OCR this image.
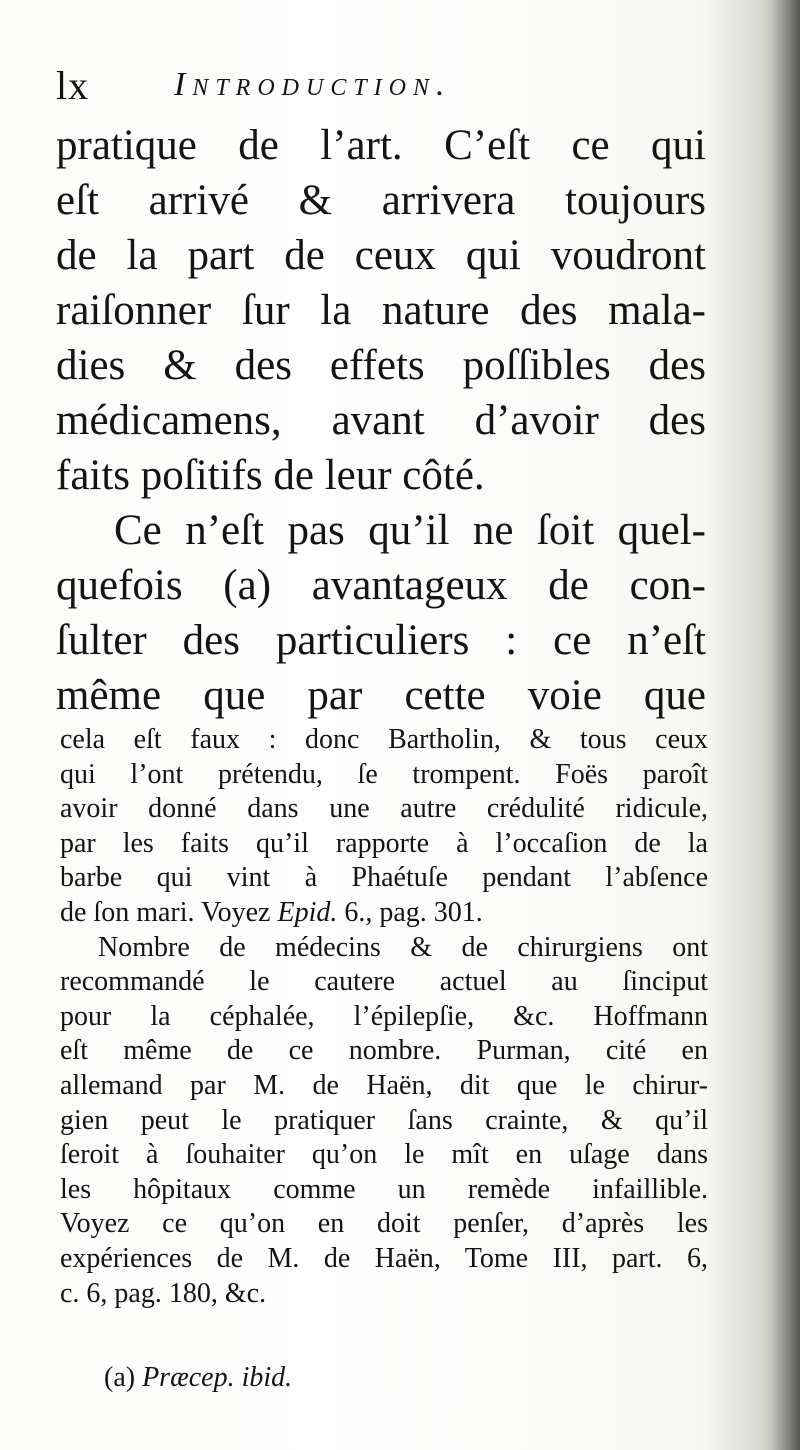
lx Introduction.
pratique de l’art. C’eſt ce qui
eſt arrivé & arrivera toujours
de la part de ceux qui voudront
raiſonner ſur la nature des mala-
dies & des effets poſſibles des
médicamens, avant d’avoir des
faits poſitifs de leur côté.
Ce n’eſt pas qu’il ne ſoit quel-
quefois (a) avantageux de con-
ſulter des particuliers : ce n’eſt
même que par cette voie que
cela eſt faux : donc Bartholin, & tous ceux
qui l’ont prétendu, ſe trompent. Foës paroît
avoir donné dans une autre crédulité ridicule,
par les faits qu’il rapporte à l’occaſion de la
barbe qui vint à Phaétuſe pendant l’abſence
de ſon mari. Voyez Epid. 6., pag. 301.
Nombre de médecins & de chirurgiens ont
recommandé le cautere actuel au ſinciput
pour la céphalée, l’épilepſie, &c. Hoffmann
eſt même de ce nombre. Purman, cité en
allemand par M. de Haën, dit que le chirur-
gien peut le pratiquer ſans crainte, & qu’il
ſeroit à ſouhaiter qu’on le mît en uſage dans
les hôpitaux comme un remède infaillible.
Voyez ce qu’on en doit penſer, d’après les
expériences de M. de Haën, Tome III, part. 6,
c. 6, pag. 180, &c.
(a) Præcep. ibid.
